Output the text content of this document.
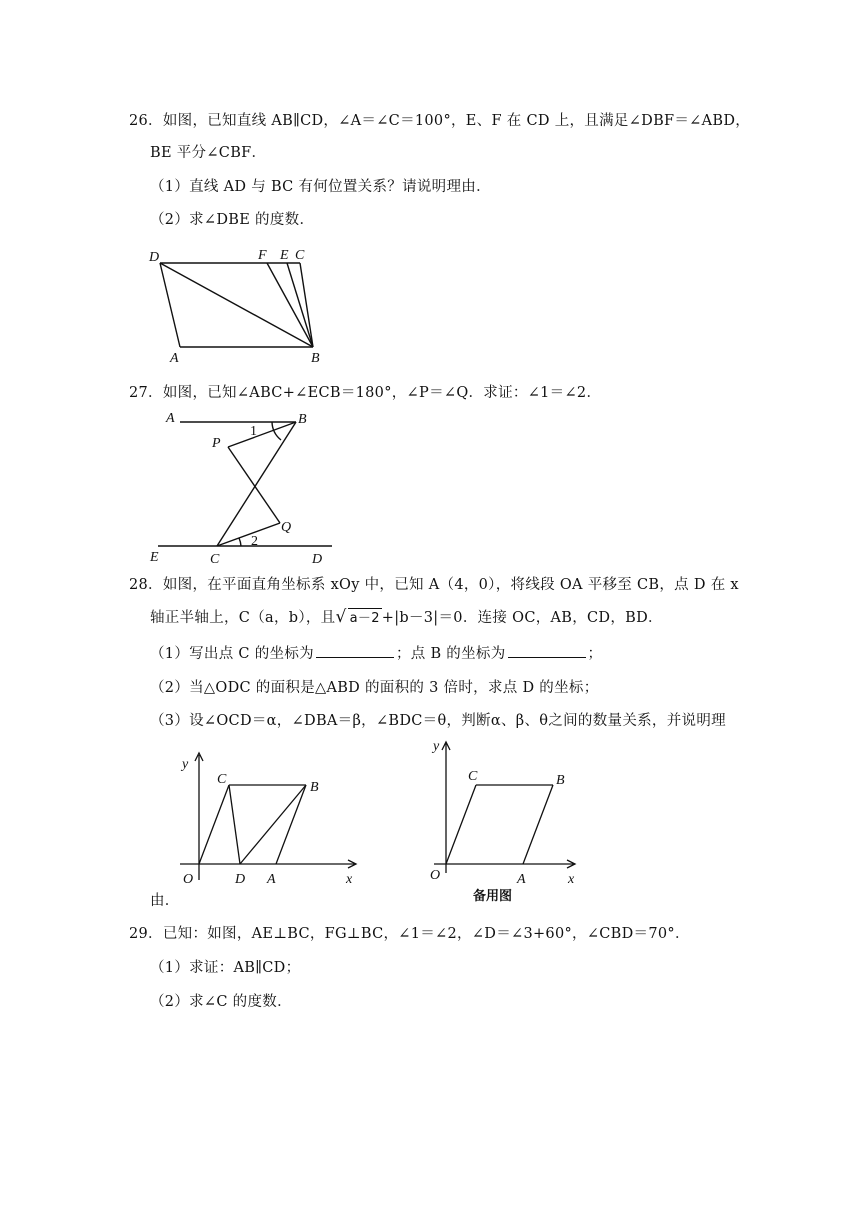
26．如图，已知直线 AB∥CD，∠A＝∠C＝100°，E、F 在 CD 上，且满足∠DBF＝∠ABD，
BE 平分∠CBF．
（1）直线 AD 与 BC 有何位置关系？请说明理由．
（2）求∠DBE 的度数．
D	F E C
A	B
27．如图，已知∠ABC+∠ECB＝180°，∠P＝∠Q．求证：∠1＝∠2．
A	B
P
1
Q
E	C
2
D
28．如图，在平面直角坐标系 xOy 中，已知 A（4，0），将线段 OA 平移至 CB，点 D 在 x
轴正半轴上，C（a，b），且√ a－2 +|b－3|＝0．连接 OC，AB，CD，BD．
（1）写出点 C 的坐标为	；点 B 的坐标为	；
（2）当△ODC 的面积是△ABD 的面积的 3 倍时，求点 D 的坐标；
（3）设∠OCD＝α，∠DBA＝β，∠BDC＝θ，判断α、β、θ之间的数量关系，并说明理
y
C
B
O	D A	x
y
C	B
O	A	x
备用图
由．
29．已知：如图，AE⊥BC，FG⊥BC，∠1＝∠2，∠D＝∠3+60°，∠CBD＝70°．
（1）求证：AB∥CD；
（2）求∠C 的度数．
